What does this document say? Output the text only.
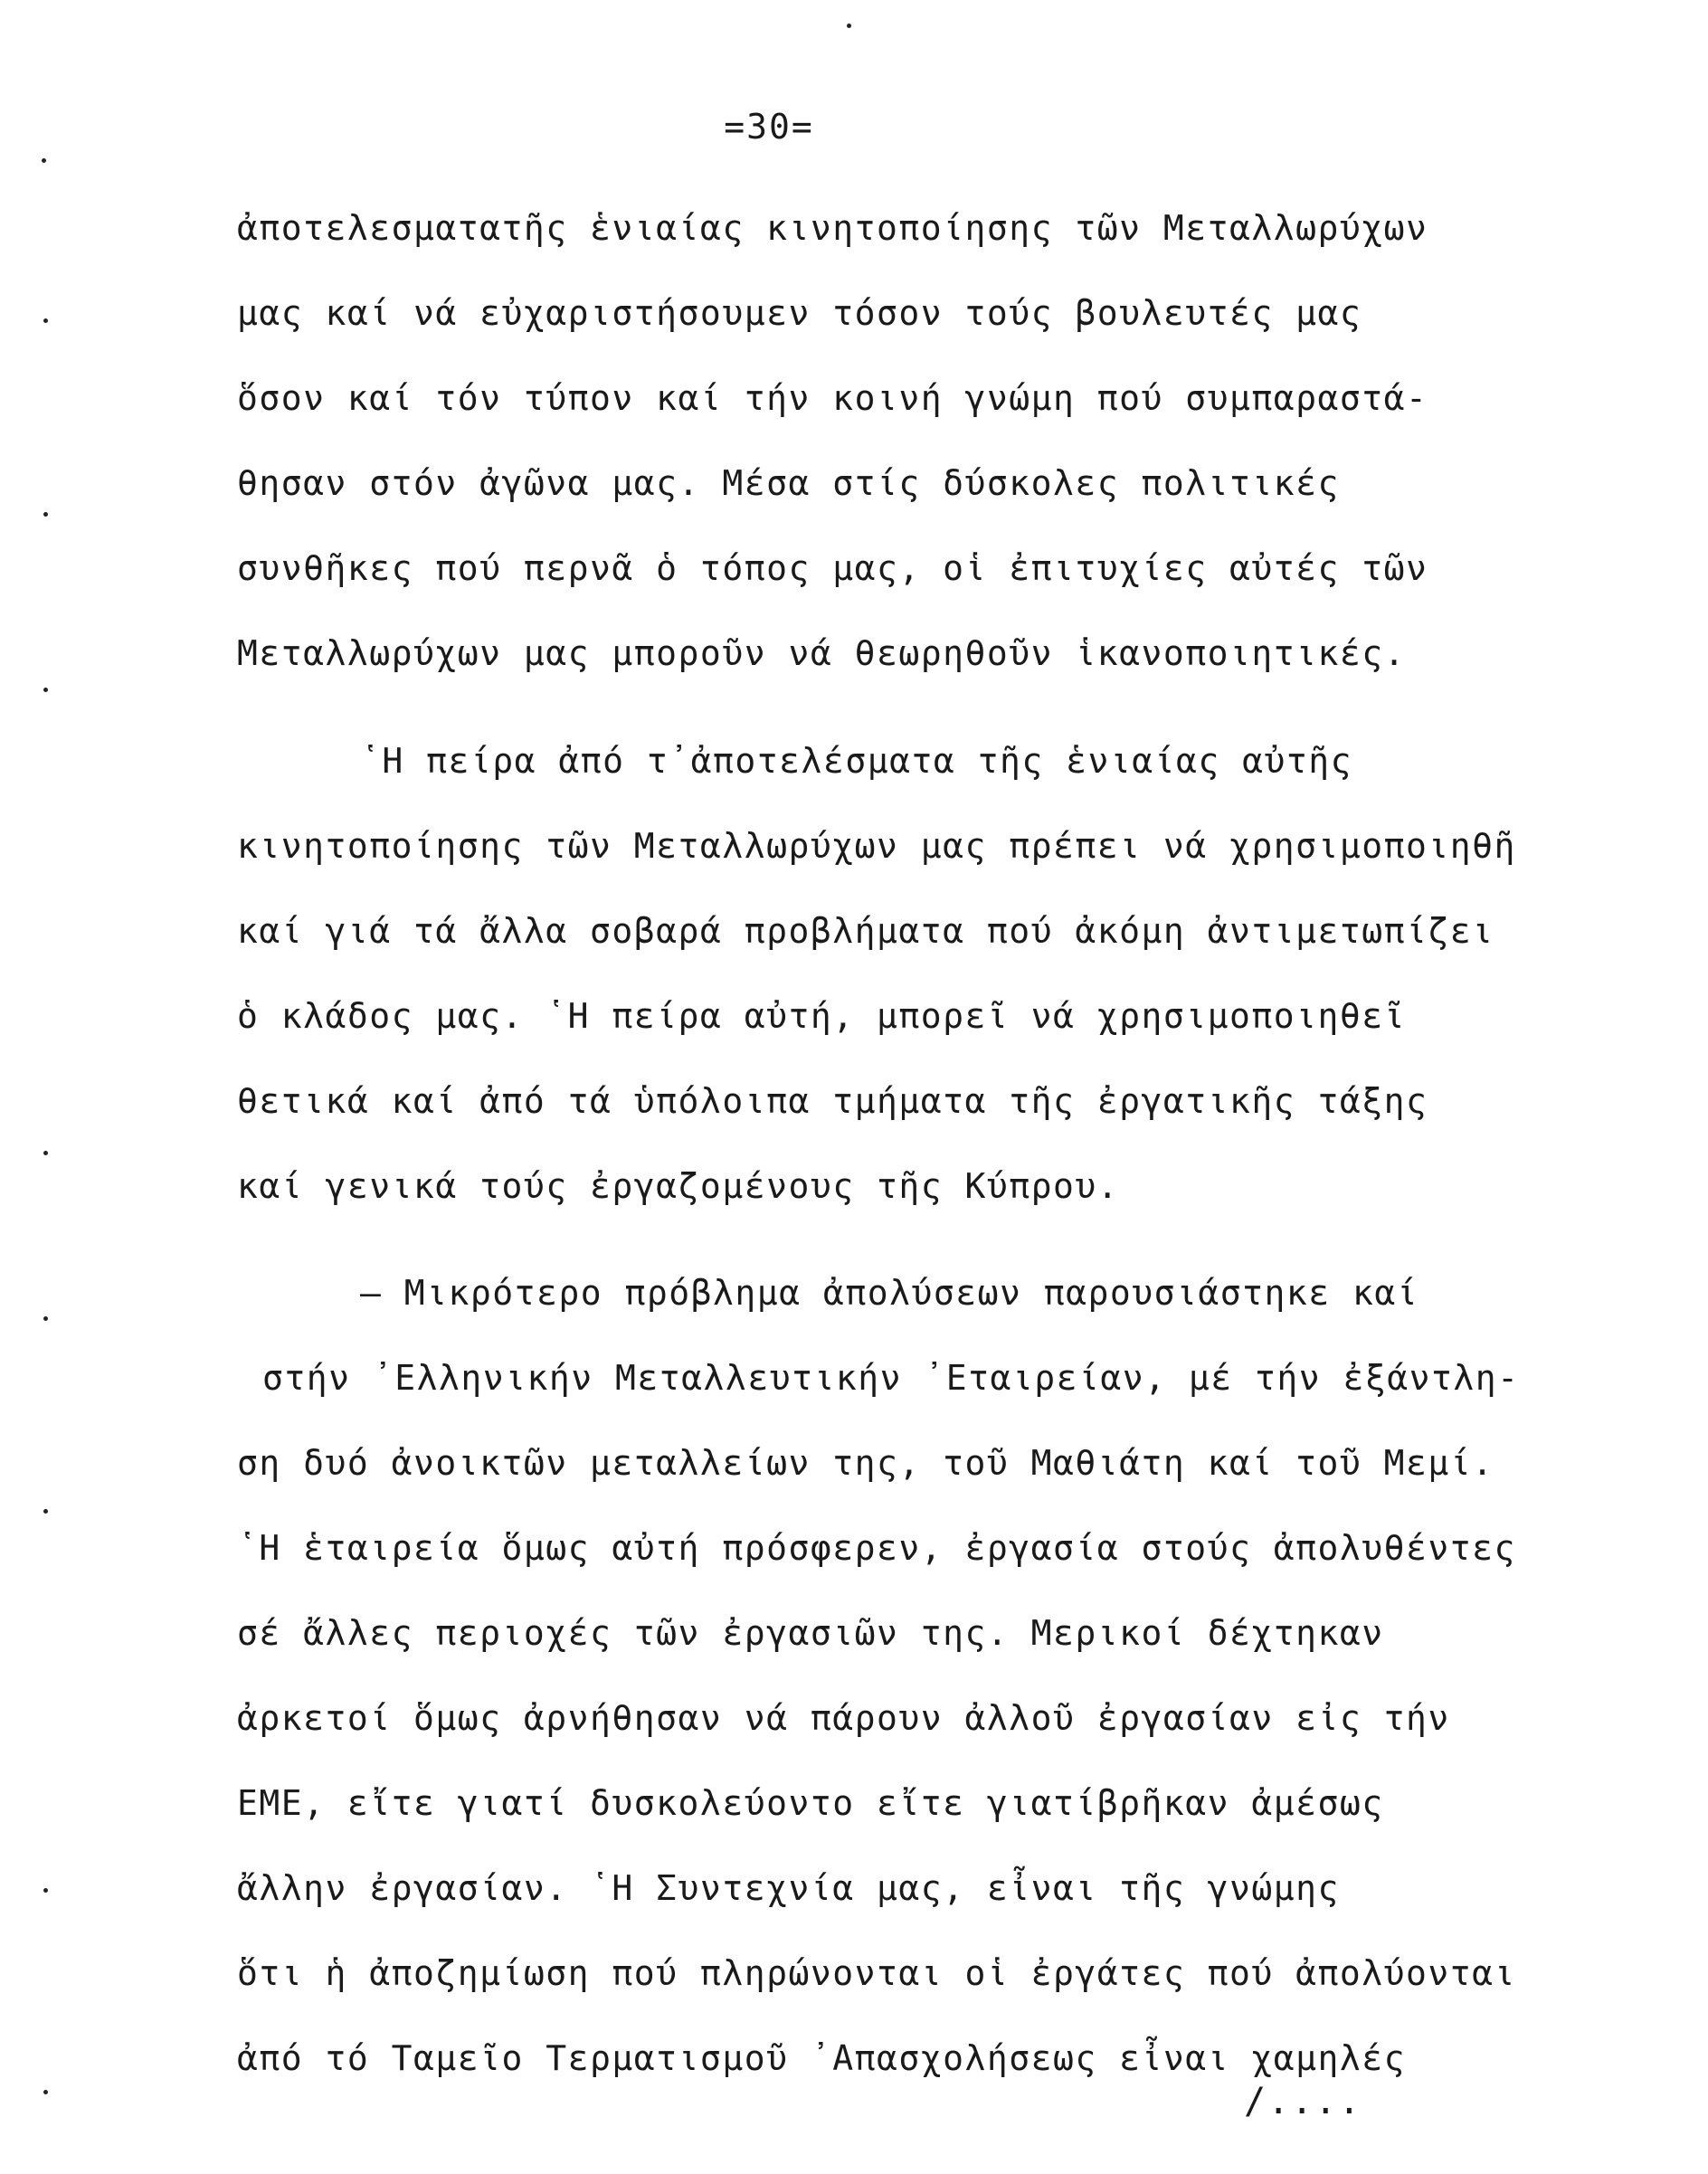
=30=
ἀποτελεσματατῆς ἑνιαίας κινητοποίησης τῶν Μεταλλωρύχων
μας καί νά εὐχαριστήσουμεν τόσον τούς βουλευτές μας
ὅσον καί τόν τύπον καί τήν κοινή γνώμη πού συμπαραστά-
θησαν στόν ἀγῶνα μας. Μέσα στίς δύσκολες πολιτικές
συνθῆκες πού περνᾶ ὁ τόπος μας, οἱ ἐπιτυχίες αὐτές τῶν
Μεταλλωρύχων μας μποροῦν νά θεωρηθοῦν ἱκανοποιητικές.
῾Η πείρα ἀπό τ᾽ἀποτελέσματα τῆς ἑνιαίας αὐτῆς
κινητοποίησης τῶν Μεταλλωρύχων μας πρέπει νά χρησιμοποιηθῆ
καί γιά τά ἄλλα σοβαρά προβλήματα πού ἀκόμη ἀντιμετωπίζει
ὁ κλάδος μας. ῾Η πείρα αὐτή, μπορεῖ νά χρησιμοποιηθεῖ
θετικά καί ἀπό τά ὑπόλοιπα τμήματα τῆς ἐργατικῆς τάξης
καί γενικά τούς ἐργαζομένους τῆς Κύπρου.
– Μικρότερο πρόβλημα ἀπολύσεων παρουσιάστηκε καί
στήν ᾽Ελληνικήν Μεταλλευτικήν ᾽Εταιρείαν, μέ τήν ἐξάντλη-
ση δυό ἀνοικτῶν μεταλλείων της, τοῦ Μαθιάτη καί τοῦ Μεμί.
῾Η ἑταιρεία ὅμως αὐτή πρόσφερεν, ἐργασία στούς ἀπολυθέντες
σέ ἄλλες περιοχές τῶν ἐργασιῶν της. Μερικοί δέχτηκαν
ἀρκετοί ὅμως ἀρνήθησαν νά πάρουν ἀλλοῦ ἐργασίαν εἰς τήν
ΕΜΕ, εἴτε γιατί δυσκολεύοντο εἴτε γιατίβρῆκαν ἀμέσως
ἄλλην ἐργασίαν. ῾Η Συντεχνία μας, εἶναι τῆς γνώμης
ὅτι ἡ ἀποζημίωση πού πληρώνονται οἱ ἐργάτες πού ἀπολύονται
ἀπό τό Ταμεῖο Τερματισμοῦ ᾽Απασχολήσεως εἶναι χαμηλές
/....
